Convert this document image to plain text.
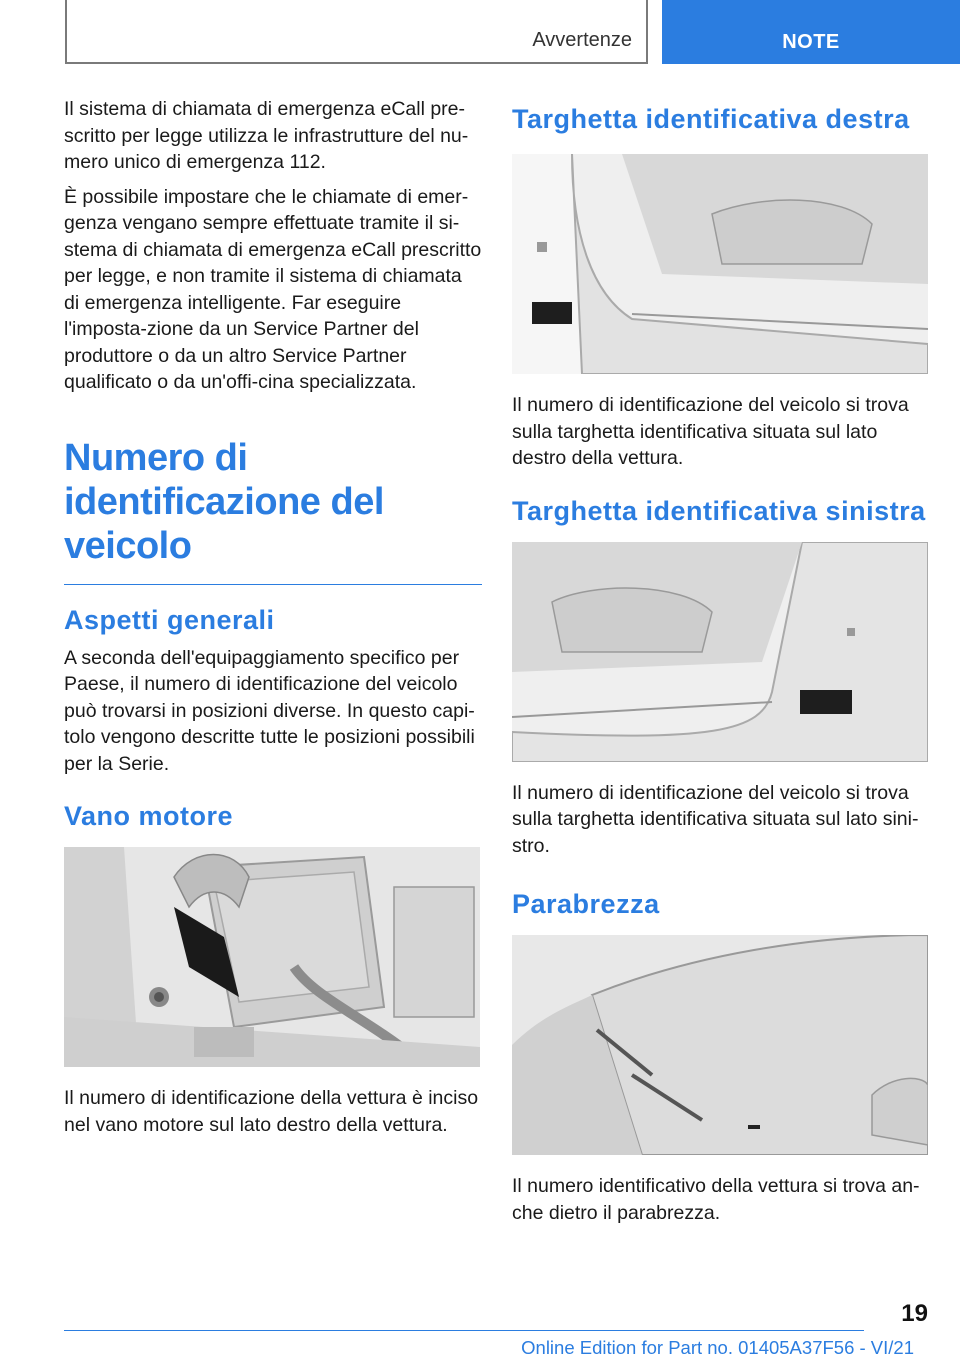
Avvertenze	NOTE

Il sistema di chiamata di emergenza eCall pre-scritto per legge utilizza le infrastrutture del nu-mero unico di emergenza 112.

È possibile impostare che le chiamate di emer-genza vengano sempre effettuate tramite il si-stema di chiamata di emergenza eCall prescritto per legge, e non tramite il sistema di chiamata di emergenza intelligente. Far eseguire l'imposta-zione da un Service Partner del produttore o da un altro Service Partner qualificato o da un'offi-cina specializzata.

Numero di identificazione del veicolo
Aspetti generali

A seconda dell'equipaggiamento specifico per Paese, il numero di identificazione del veicolo può trovarsi in posizioni diverse. In questo capi-tolo vengono descritte tutte le posizioni possibili per la Serie.

Vano motore

Il numero di identificazione della vettura è inciso nel vano motore sul lato destro della vettura.

Targhetta identificativa destra

Il numero di identificazione del veicolo si trova sulla targhetta identificativa situata sul lato destro della vettura.

Targhetta identificativa sinistra

Il numero di identificazione del veicolo si trova sulla targhetta identificativa situata sul lato sini-stro.

Parabrezza

Il numero identificativo della vettura si trova an-che dietro il parabrezza.

19
Online Edition for Part no. 01405A37F56 - VI/21
